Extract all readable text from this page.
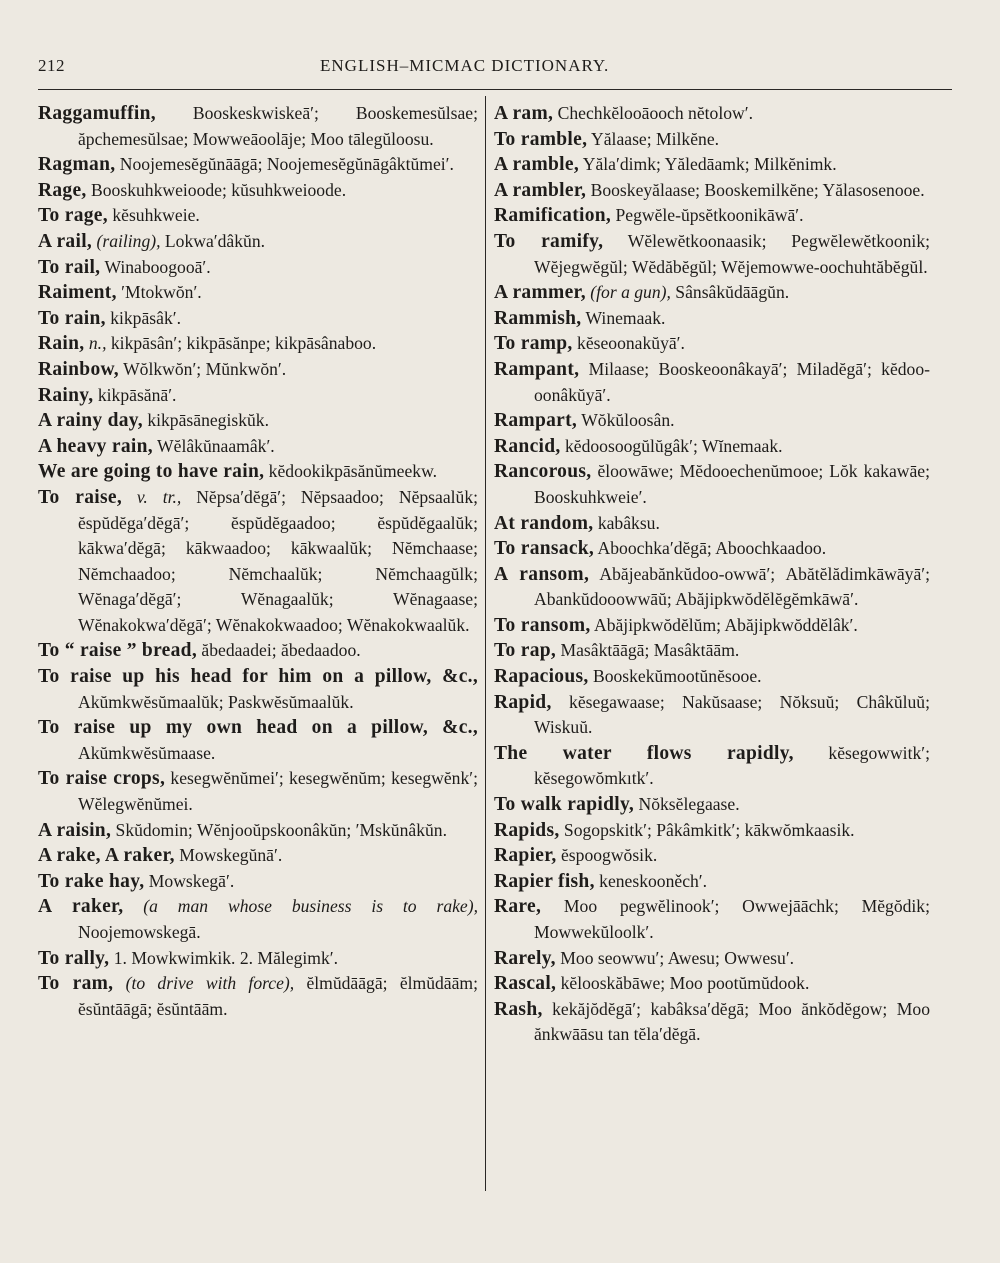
212	ENGLISH–MICMAC DICTIONARY.

Raggamuffin, Booskeskwiskeā′; Booskemesŭlsae; ăpchemesŭlsae; Mowweāoolāje; Moo tālegŭloosu.

Ragman, Noojemesĕgŭnāāgā; Noojemesĕgŭnāgâktŭmei′.

Rage, Booskuhkweioode; kŭsuhkweioode.

To rage, kĕsuhkweie.

A rail, (railing), Lokwa′dâkŭn.

To rail, Winaboogooā′.

Raiment, ′Mtokwŏn′.

To rain, kikpāsâk′.

Rain, n., kikpāsân′; kikpāsănpe; kikpāsânaboo.

Rainbow, Wŏlkwŏn′; Mŭnkwŏn′.

Rainy, kikpāsănā′.

A rainy day, kikpāsānegiskŭk.

A heavy rain, Wĕlâkŭnaamâk′.

We are going to have rain, kĕdookikpāsănŭmeekw.

To raise, v. tr., Nĕpsa′dĕgā′; Nĕpsaadoo; Nĕpsaalŭk; ĕspŭdĕga′dĕgā′; ĕspŭdĕgaadoo; ĕspŭdĕgaalŭk; kākwa′dĕgā; kākwaadoo; kākwaalŭk; Nĕmchaase; Nĕmchaadoo; Nĕmchaalŭk; Nĕmchaagŭlk; Wĕnaga′dĕgā′; Wĕnagaalŭk; Wĕnagaase; Wĕnakokwa′dĕgā′; Wĕnakokwaadoo; Wĕnakokwaalŭk.

To “ raise ” bread, ăbedaadei; ăbedaadoo.

To raise up his head for him on a pillow, &c., Akŭmkwĕsŭmaalŭk; Paskwĕsŭmaalŭk.

To raise up my own head on a pillow, &c., Akŭmkwĕsŭmaase.

To raise crops, kesegwĕnŭmei′; kesegwĕnŭm; kesegwĕnk′; Wĕlegwĕnŭmei.

A raisin, Skŭdomin; Wĕnjooŭpskoonâkŭn; ′Mskŭnâkŭn.

A rake, A raker, Mowskegŭnā′.

To rake hay, Mowskegā′.

A raker, (a man whose business is to rake), Noojemowskegā.

To rally, 1. Mowkwimkik. 2. Mălegimk′.

To ram, (to drive with force), ĕlmŭdāāgā; ĕlmŭdāām; ĕsŭntāāgā; ĕsŭntāām.

A ram, Chechkĕlooāooch nĕtolow′.

To ramble, Yălaase; Milkĕne.

A ramble, Yăla′dimk; Yăledāamk; Milkĕnimk.

A rambler, Booskeyălaase; Booskemilkĕne; Yălasosenooe.

Ramification, Pegwĕle-ŭpsĕtkoonikāwā′.

To ramify, Wĕlewĕtkoonaasik; Pegwĕlewĕtkoonik; Wĕjegwĕgŭl; Wĕdăbĕgŭl; Wĕjemowwe-oochuhtăbĕgŭl.

A rammer, (for a gun), Sânsâkŭdāāgŭn.

Rammish, Winemaak.

To ramp, kĕseoonakŭyā′.

Rampant, Milaase; Booskeoonâkayā′; Miladĕgā′; kĕdoo-oonâkŭyā′.

Rampart, Wŏkŭloosân.

Rancid, kĕdoosoogŭlŭgâk′; Wĭnemaak.

Rancorous, ĕloowāwe; Mĕdooechenŭmooe; Lŏk kakawāe; Booskuhkweie′.

At random, kabâksu.

To ransack, Aboochka′dĕgā; Aboochkaadoo.

A ransom, Abăjeabănkŭdoo-owwā′; Abătĕlădimkāwāyā′; Abankŭdooowwāŭ; Abăjipkwŏdĕlĕgĕmkāwā′.

To ransom, Abăjipkwŏdĕlŭm; Abăjipkwŏddĕlâk′.

To rap, Masâktāāgā; Masâktāām.

Rapacious, Booskekŭmootŭnĕsooe.

Rapid, kĕsegawaase; Nakŭsaase; Nŏksuŭ; Châkŭluŭ; Wiskuŭ.

The water flows rapidly, kĕsegowwitk′; kĕsegowŏmkıtk′.

To walk rapidly, Nŏksĕlegaase.

Rapids, Sogopskitk′; Pâkâmkitk′; kākwŏmkaasik.

Rapier, ĕspoogwŏsik.

Rapier fish, keneskooněch′.

Rare, Moo pegwĕlinook′; Owwejāāchk; Mĕgŏdik; Mowwekŭloolk′.

Rarely, Moo seowwu′; Awesu; Owwesu′.

Rascal, kĕlooskăbāwe; Moo pootŭmŭdook.

Rash, kekăjŏdĕgā′; kabâksa′dĕgā; Moo ănkŏdĕgow; Moo ănkwāāsu tan tĕla′dĕgā.
